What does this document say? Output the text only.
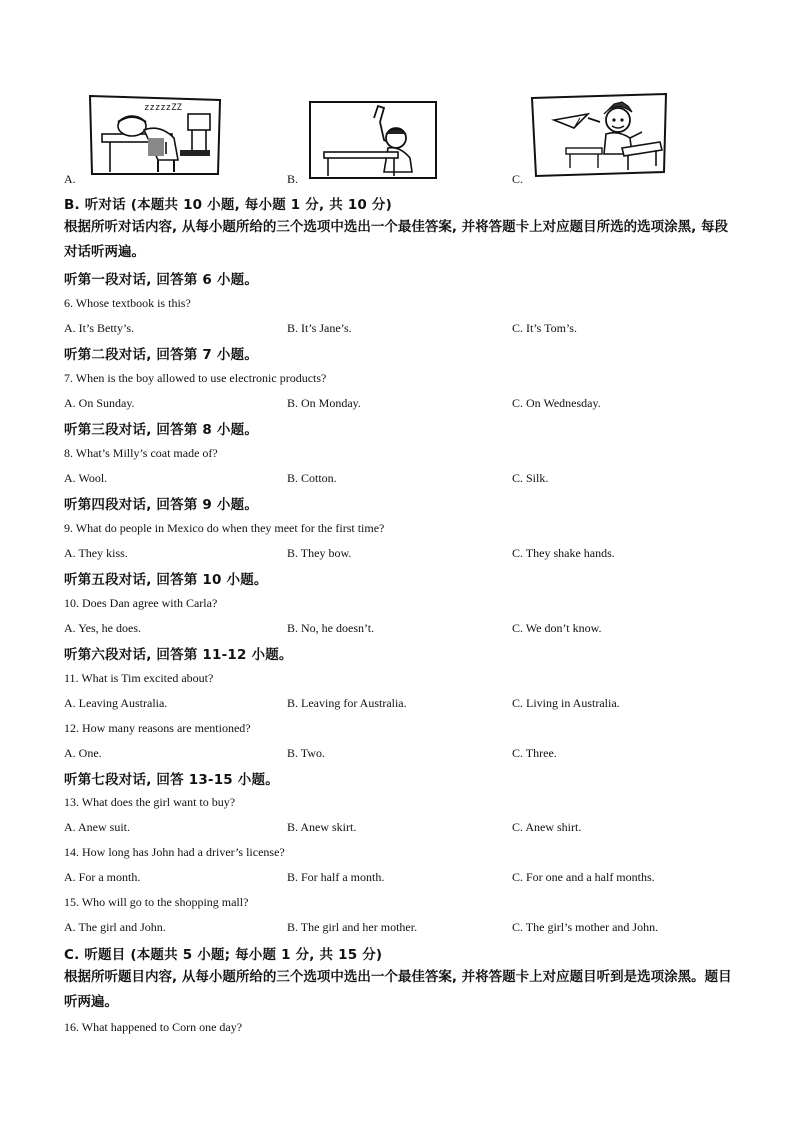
zzzzzZZ
A.	B.	C.
B. 听对话 (本题共 10 小题, 每小题 1 分, 共 10 分)
根据所听对话内容, 从每小题所给的三个选项中选出一个最佳答案, 并将答题卡上对应题目所选的选项涂黑, 每段对话听两遍。
听第一段对话, 回答第 6 小题。
6. Whose textbook is this?
A. It’s Betty’s.	B. It’s Jane’s.	C. It’s Tom’s.
听第二段对话, 回答第 7 小题。
7. When is the boy allowed to use electronic products?
A. On Sunday.	B. On Monday.	C. On Wednesday.
听第三段对话, 回答第 8 小题。
8. What’s Milly’s coat made of?
A. Wool.	B. Cotton.	C. Silk.
听第四段对话, 回答第 9 小题。
9. What do people in Mexico do when they meet for the first time?
A. They kiss.	B. They bow.	C. They shake hands.
听第五段对话, 回答第 10 小题。
10. Does Dan agree with Carla?
A. Yes, he does.	B. No, he doesn’t.	C. We don’t know.
听第六段对话, 回答第 11-12 小题。
11. What is Tim excited about?
A. Leaving Australia.	B. Leaving for Australia.	C. Living in Australia.
12. How many reasons are mentioned?
A. One.	B. Two.	C. Three.
听第七段对话, 回答 13-15 小题。
13. What does the girl want to buy?
A. Anew suit.	B. Anew skirt.	C. Anew shirt.
14. How long has John had a driver’s license?
A. For a month.	B. For half a month.	C. For one and a half months.
15. Who will go to the shopping mall?
A. The girl and John.	B. The girl and her mother.	C. The girl’s mother and John.
C. 听题目 (本题共 5 小题; 每小题 1 分, 共 15 分)
根据所听题目内容, 从每小题所给的三个选项中选出一个最佳答案, 并将答题卡上对应题目听到是选项涂黑。题目听两遍。
16. What happened to Corn one day?
